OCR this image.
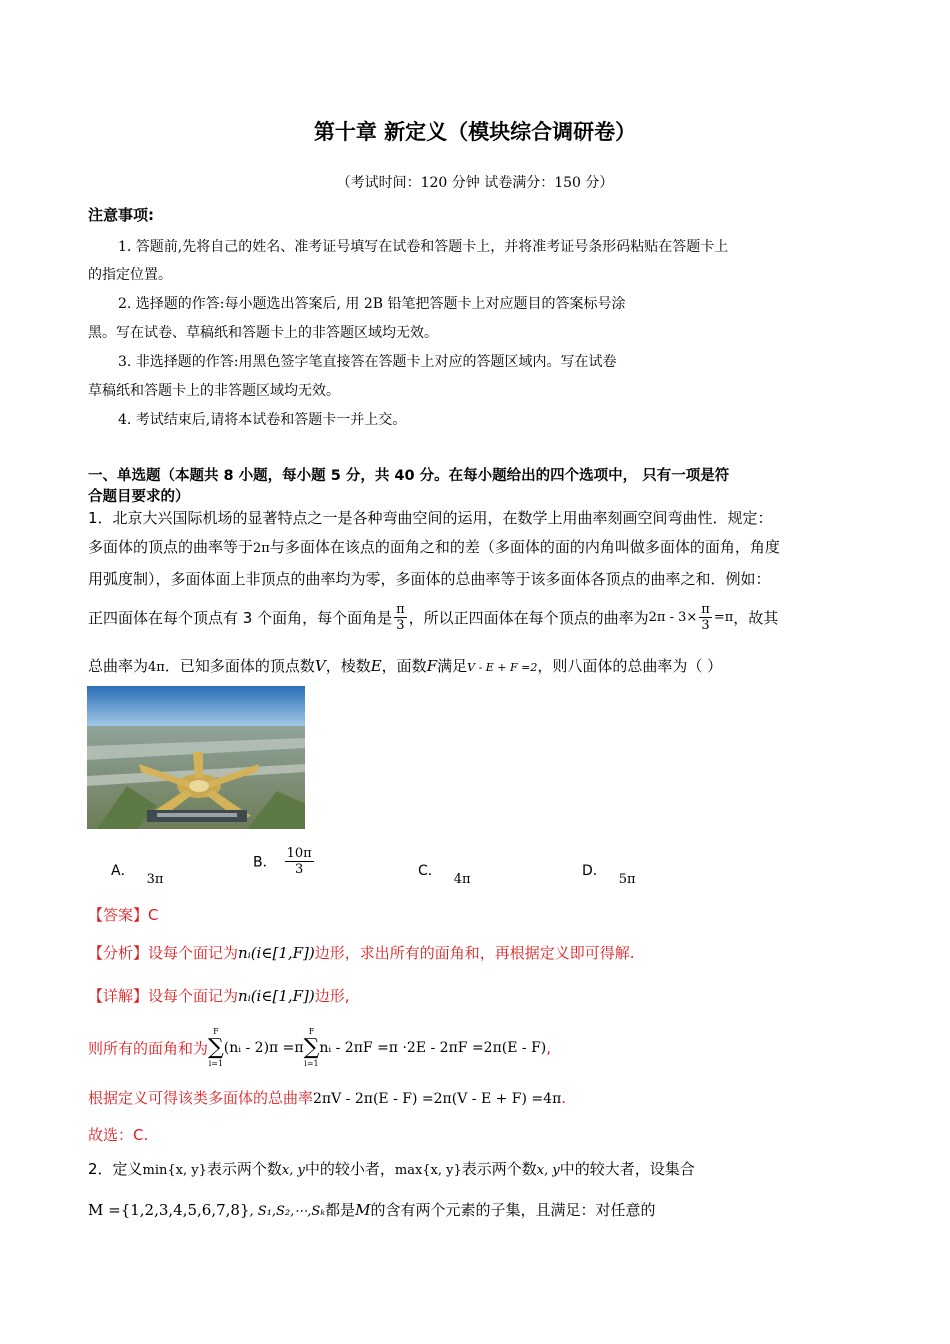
第十章 新定义（模块综合调研卷）
（考试时间：120 分钟 试卷满分：150 分）
注意事项:
1. 答题前,先将自己的姓名、准考证号填写在试卷和答题卡上，并将准考证号条形码粘贴在答题卡上
的指定位置。
2. 选择题的作答:每小题选出答案后, 用 2B 铅笔把答题卡上对应题目的答案标号涂
黑。写在试卷、草稿纸和答题卡上的非答题区域均无效。
3. 非选择题的作答:用黑色签字笔直接答在答题卡上对应的答题区域内。写在试卷
草稿纸和答题卡上的非答题区域均无效。
4. 考试结束后,请将本试卷和答题卡一并上交。
一、单选题（本题共 8 小题，每小题 5 分，共 40 分。在每小题给出的四个选项中， 只有一项是符
合题目要求的）
1．北京大兴国际机场的显著特点之一是各种弯曲空间的运用，在数学上用曲率刻画空间弯曲性．规定：
多面体的顶点的曲率等于2π与多面体在该点的面角之和的差（多面体的面的内角叫做多面体的面角，角度
用弧度制），多面体面上非顶点的曲率均为零，多面体的总曲率等于该多面体各顶点的曲率之和．例如：
正四面体在每个顶点有 3 个面角，每个面角是 $\frac{\pi}{3}$ ，所以正四面体在每个顶点的曲率为$2\pi - 3\times \frac{\pi}{3} =\pi$，故其
总曲率为4π．已知多面体的顶点数V，棱数E，面数F满足V - E + F =2，则八面体的总曲率为（ ）
A．3π
B． $\frac{10\pi}{3}$	C．4π
D．5π
【答案】C
【分析】设每个面记为nᵢ(i∈[1,F])边形，求出所有的面角和，再根据定义即可得解.
【详解】设每个面记为nᵢ(i∈[1,F])边形,
则所有的面角和为
F
∑
i=1
(nᵢ - 2)π =π
F
∑
i=1
nᵢ - 2πF =π ·2E - 2πF =2π(E - F),
根据定义可得该类多面体的总曲率2πV - 2π(E - F) =2π(V - E + F) =4π.
故选：C.
2．定义min{x, y}表示两个数x, y中的较小者，max{x, y}表示两个数x, y中的较大者，设集合
M ={1,2,3,4,5,6,7,8}, S₁,S₂,⋯,Sₖ都是M的含有两个元素的子集，且满足：对任意的
